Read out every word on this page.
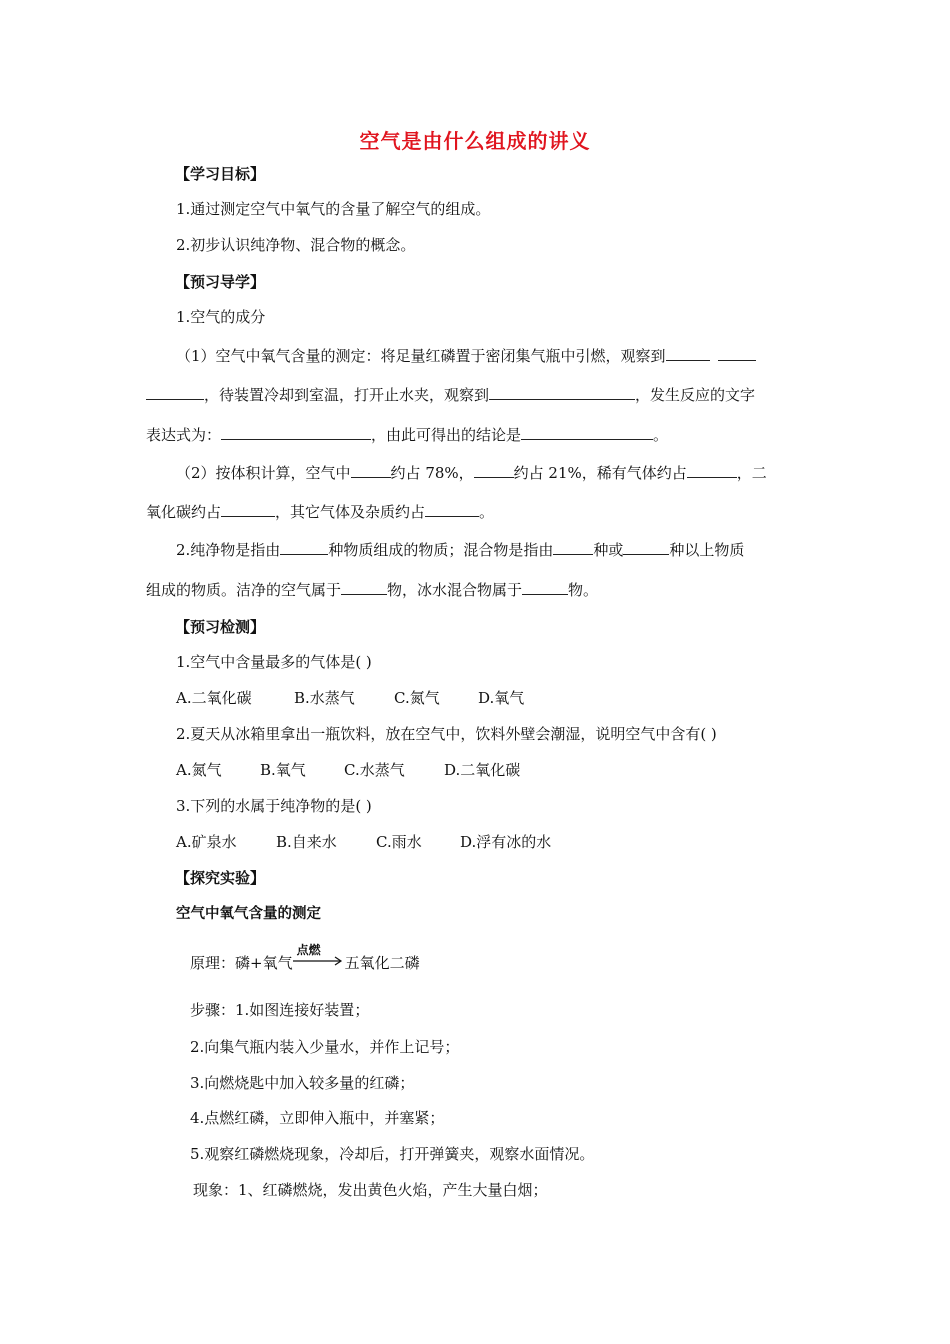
空气是由什么组成的讲义
【学习目标】
1.通过测定空气中氧气的含量了解空气的组成。
2.初步认识纯净物、混合物的概念。
【预习导学】
1.空气的成分
（1）空气中氧气含量的测定：将足量红磷置于密闭集气瓶中引燃，观察到
，待装置冷却到室温，打开止水夹，观察到	，发生反应的文字
表达式为：	，由此可得出的结论是	。
（2）按体积计算，空气中	约占 78%，	约占 21%，稀有气体约占	，二
氧化碳约占	，其它气体及杂质约占	。
2.纯净物是指由	种物质组成的物质；混合物是指由	种或	种以上物质
组成的物质。洁净的空气属于	物，冰水混合物属于	物。
【预习检测】
1.空气中含量最多的气体是( )
A.二氧化碳	B.水蒸气	C.氮气	D.氧气
2.夏天从冰箱里拿出一瓶饮料，放在空气中，饮料外壁会潮湿，说明空气中含有( )
A.氮气	B.氧气	C.水蒸气	D.二氧化碳
3.下列的水属于纯净物的是( )
A.矿泉水	B.自来水	C.雨水	D.浮有冰的水
【探究实验】
空气中氧气含量的测定
原理：磷+氧气
点燃
五氧化二磷
步骤：1.如图连接好装置；
2.向集气瓶内装入少量水，并作上记号；
3.向燃烧匙中加入较多量的红磷；
4.点燃红磷，立即伸入瓶中，并塞紧；
5.观察红磷燃烧现象，冷却后，打开弹簧夹，观察水面情况。
现象：1、红磷燃烧，发出黄色火焰，产生大量白烟；
